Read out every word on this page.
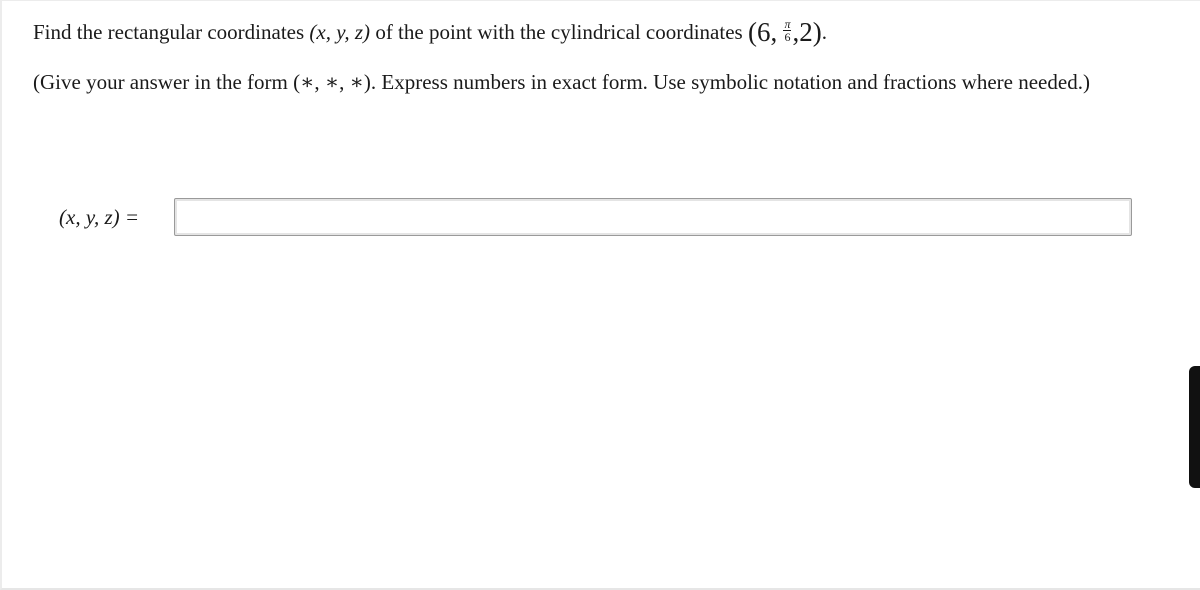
Find the rectangular coordinates (x, y, z) of the point with the cylindrical coordinates (6, $\frac{\pi}{6} ,2$).
(Give your answer in the form (∗, ∗, ∗). Express numbers in exact form. Use symbolic notation and fractions where needed.)
(x, y, z) =
